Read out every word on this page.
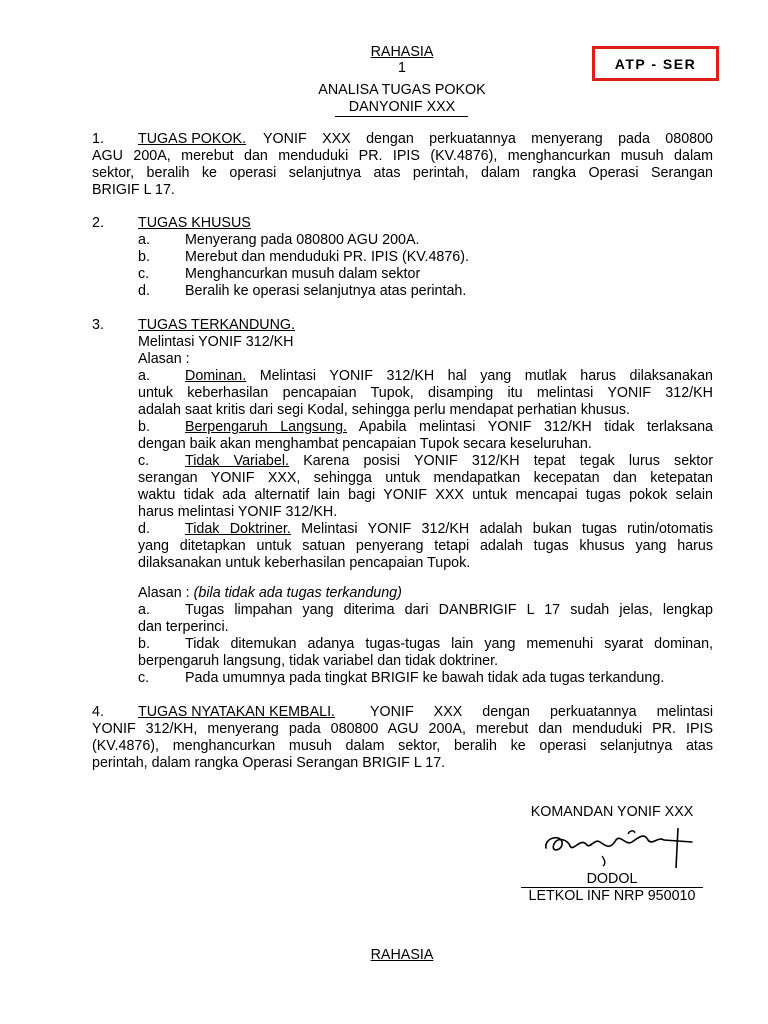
RAHASIA
1
ANALISA TUGAS POKOK
DANYONIF XXX
ATP - SER
1. TUGAS POKOK. YONIF XXX dengan perkuatannya menyerang pada 080800
AGU 200A, merebut dan menduduki PR. IPIS (KV.4876), menghancurkan musuh dalam
sektor, beralih ke operasi selanjutnya atas perintah, dalam rangka Operasi Serangan
BRIGIF L 17.
2. TUGAS KHUSUS
a. Menyerang pada 080800 AGU 200A.
b. Merebut dan menduduki PR. IPIS (KV.4876).
c.	Menghancurkan musuh dalam sektor
d. Beralih ke operasi selanjutnya atas perintah.
3. TUGAS TERKANDUNG.
Melintasi YONIF 312/KH
Alasan :
a. Dominan. Melintasi YONIF 312/KH hal yang mutlak harus dilaksanakan
untuk keberhasilan pencapaian Tupok, disamping itu melintasi YONIF 312/KH
adalah saat kritis dari segi Kodal, sehingga perlu mendapat perhatian khusus.
b. Berpengaruh Langsung. Apabila melintasi YONIF 312/KH tidak terlaksana
dengan baik akan menghambat pencapaian Tupok secara keseluruhan.
c.	Tidak Variabel. Karena posisi YONIF 312/KH tepat tegak lurus sektor
serangan YONIF XXX, sehingga untuk mendapatkan kecepatan dan ketepatan
waktu tidak ada alternatif lain bagi YONIF XXX untuk mencapai tugas pokok selain
harus melintasi YONIF 312/KH.
d. Tidak Doktriner. Melintasi YONIF 312/KH adalah bukan tugas rutin/otomatis
yang ditetapkan untuk satuan penyerang tetapi adalah tugas khusus yang harus
dilaksanakan untuk keberhasilan pencapaian Tupok.
Alasan : (bila tidak ada tugas terkandung)
a. Tugas limpahan yang diterima dari DANBRIGIF L 17 sudah jelas, lengkap
dan terperinci.
b. Tidak ditemukan adanya tugas-tugas lain yang memenuhi syarat dominan,
berpengaruh langsung, tidak variabel dan tidak doktriner.
c.	Pada umumnya pada tingkat BRIGIF ke bawah tidak ada tugas terkandung.
4. TUGAS NYATAKAN KEMBALI. YONIF XXX dengan perkuatannya melintasi
YONIF 312/KH, menyerang pada 080800 AGU 200A, merebut dan menduduki PR. IPIS
(KV.4876), menghancurkan musuh dalam sektor, beralih ke operasi selanjutnya atas
perintah, dalam rangka Operasi Serangan BRIGIF L 17.
KOMANDAN YONIF XXX
DODOL
LETKOL INF NRP 950010
RAHASIA
